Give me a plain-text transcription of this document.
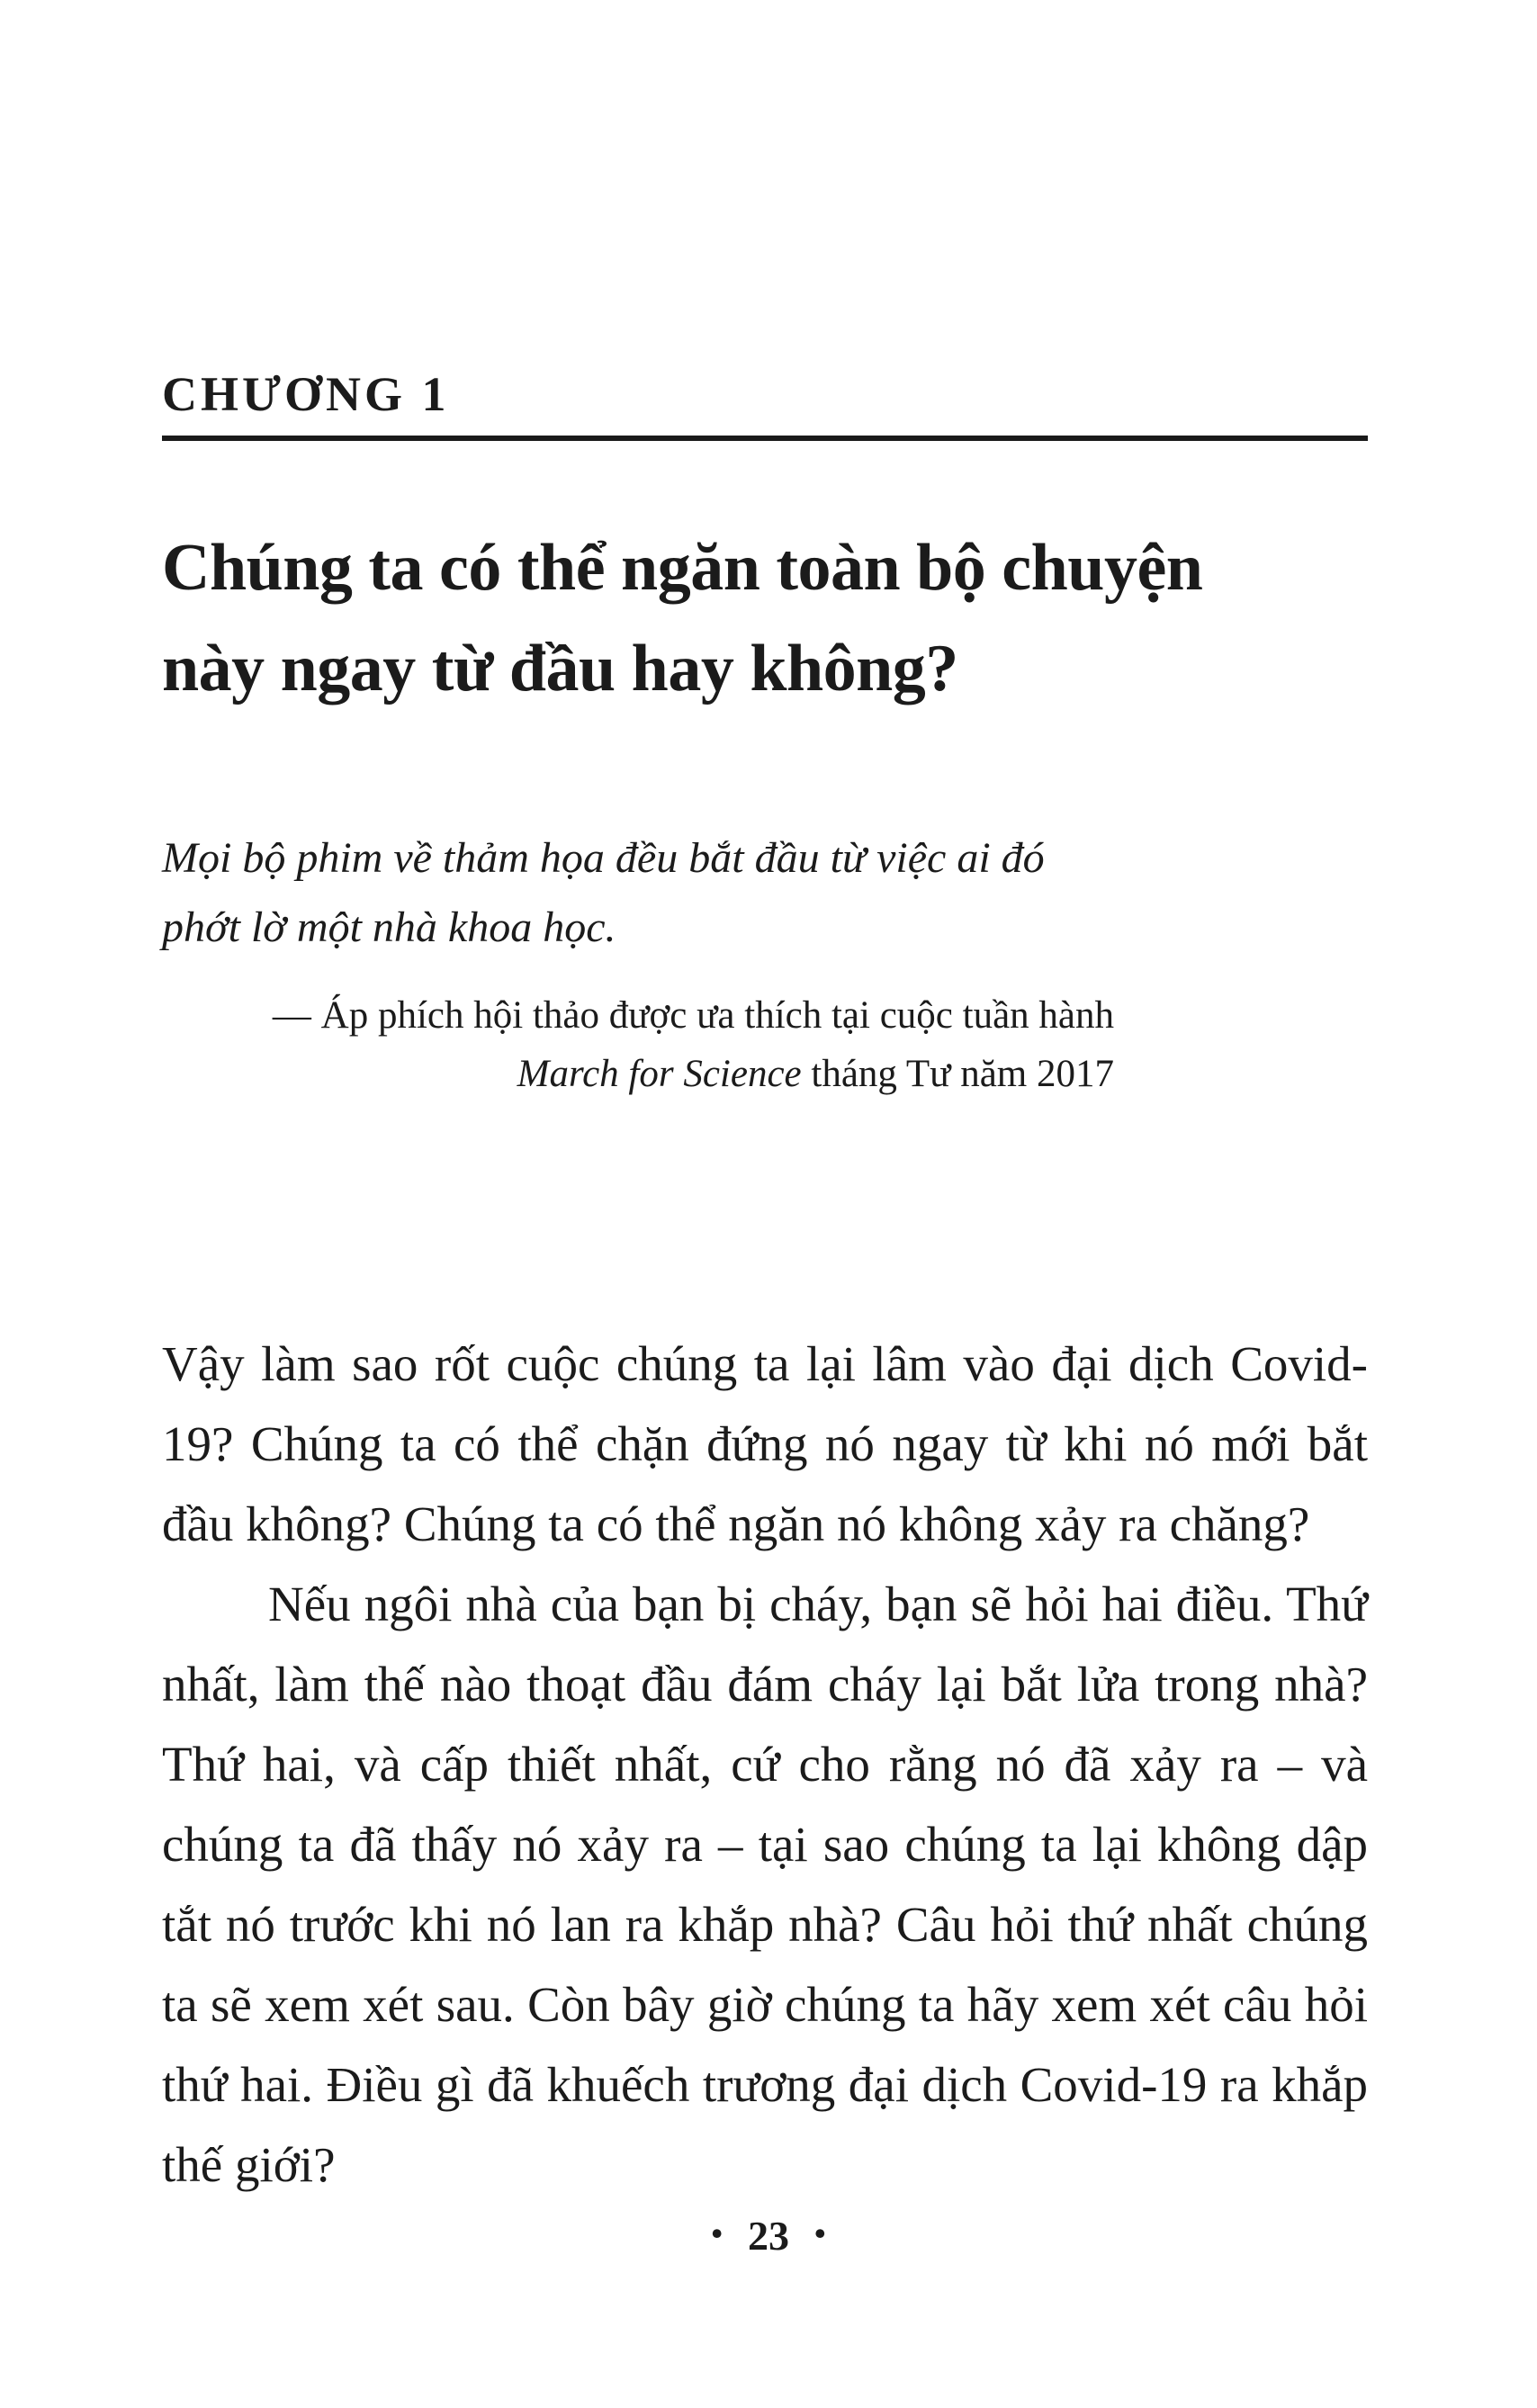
CHƯƠNG 1
Chúng ta có thể ngăn toàn bộ chuyện
này ngay từ đầu hay không?
Mọi bộ phim về thảm họa đều bắt đầu từ việc ai đó
phớt lờ một nhà khoa học.
— Áp phích hội thảo được ưa thích tại cuộc tuần hành
March for Science tháng Tư năm 2017

Vậy làm sao rốt cuộc chúng ta lại lâm vào đại dịch Covid-19? Chúng ta có thể chặn đứng nó ngay từ khi nó mới bắt đầu không? Chúng ta có thể ngăn nó không xảy ra chăng?

Nếu ngôi nhà của bạn bị cháy, bạn sẽ hỏi hai điều. Thứ nhất, làm thế nào thoạt đầu đám cháy lại bắt lửa trong nhà? Thứ hai, và cấp thiết nhất, cứ cho rằng nó đã xảy ra – và chúng ta đã thấy nó xảy ra – tại sao chúng ta lại không dập tắt nó trước khi nó lan ra khắp nhà? Câu hỏi thứ nhất chúng ta sẽ xem xét sau. Còn bây giờ chúng ta hãy xem xét câu hỏi thứ hai. Điều gì đã khuếch trương đại dịch Covid-19 ra khắp thế giới?

• 23 •
